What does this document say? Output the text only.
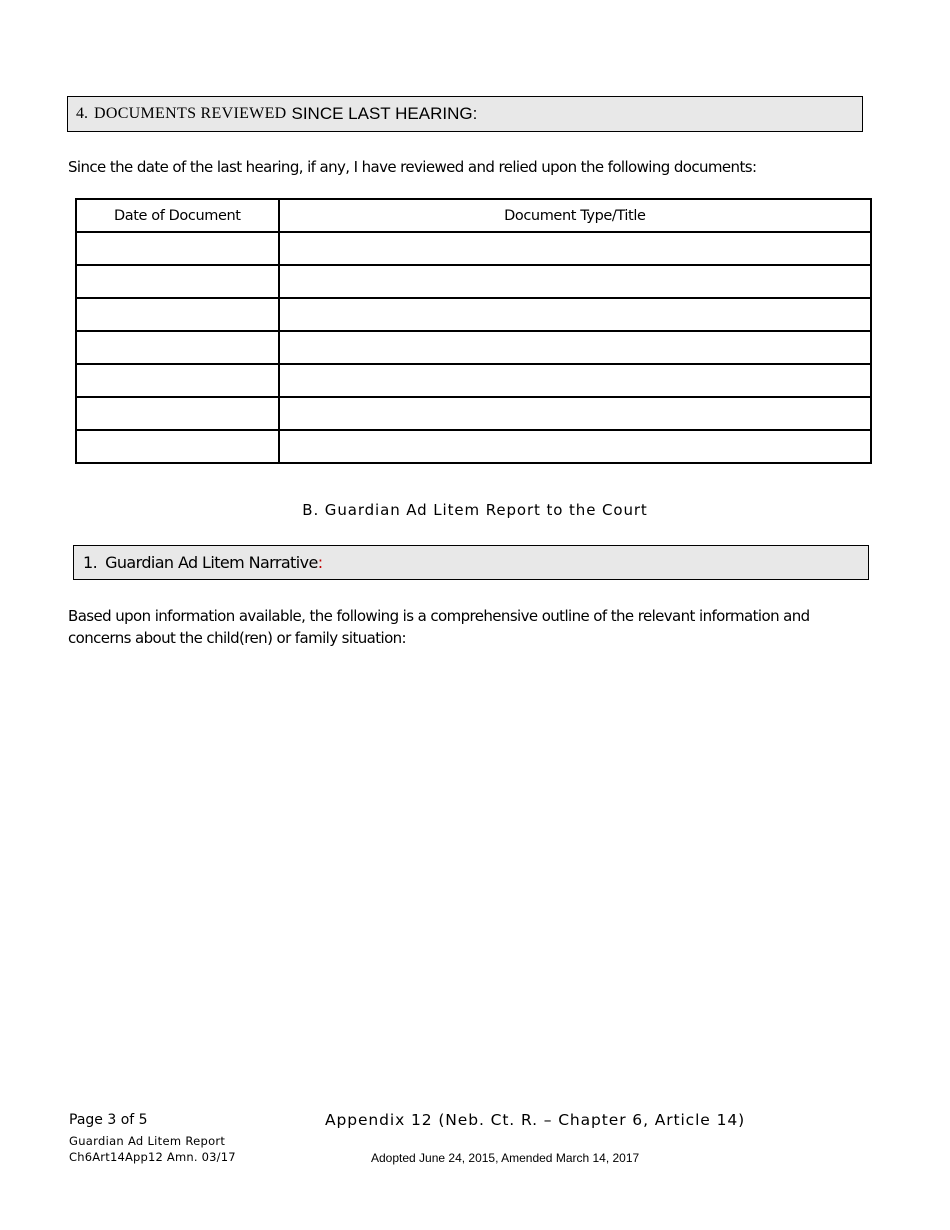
4. DOCUMENTS REVIEWED SINCE LAST HEARING:

Since the date of the last hearing, if any, I have reviewed and relied upon the following documents:

Date of Document	Document Type/Title

B. Guardian Ad Litem Report to the Court
1. Guardian Ad Litem Narrative :

Based upon information available, the following is a comprehensive outline of the relevant information and concerns about the child(ren) or family situation:

Page 3 of 5
Guardian Ad Litem Report
Ch6Art14App12 Amn. 03/17
Appendix 12 (Neb. Ct. R. – Chapter 6, Article 14)
Adopted June 24, 2015, Amended March 14, 2017
